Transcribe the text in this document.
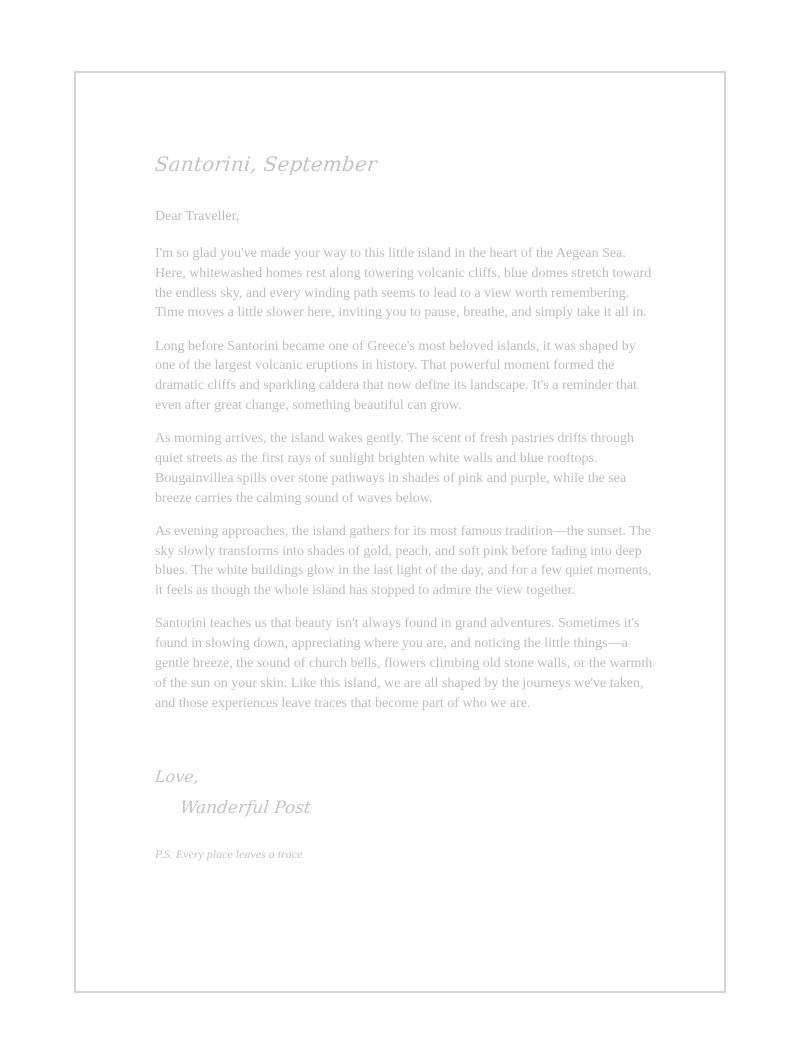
Santorini, September
Dear Traveller,

I'm so glad you've made your way to this little island in the heart of the Aegean Sea. Here, whitewashed homes rest along towering volcanic cliffs, blue domes stretch toward the endless sky, and every winding path seems to lead to a view worth remembering. Time moves a little slower here, inviting you to pause, breathe, and simply take it all in.

Long before Santorini became one of Greece's most beloved islands, it was shaped by one of the largest volcanic eruptions in history. That powerful moment formed the dramatic cliffs and sparkling caldera that now define its landscape. It's a reminder that even after great change, something beautiful can grow.

As morning arrives, the island wakes gently. The scent of fresh pastries drifts through quiet streets as the first rays of sunlight brighten white walls and blue rooftops. Bougainvillea spills over stone pathways in shades of pink and purple, while the sea breeze carries the calming sound of waves below.

As evening approaches, the island gathers for its most famous tradition—the sunset. The sky slowly transforms into shades of gold, peach, and soft pink before fading into deep blues. The white buildings glow in the last light of the day, and for a few quiet moments, it feels as though the whole island has stopped to admire the view together.

Santorini teaches us that beauty isn't always found in grand adventures. Sometimes it's found in slowing down, appreciating where you are, and noticing the little things—a gentle breeze, the sound of church bells, flowers climbing old stone walls, or the warmth of the sun on your skin. Like this island, we are all shaped by the journeys we've taken, and those experiences leave traces that become part of who we are.

Love,
Wanderful Post
P.S. Every place leaves a trace
